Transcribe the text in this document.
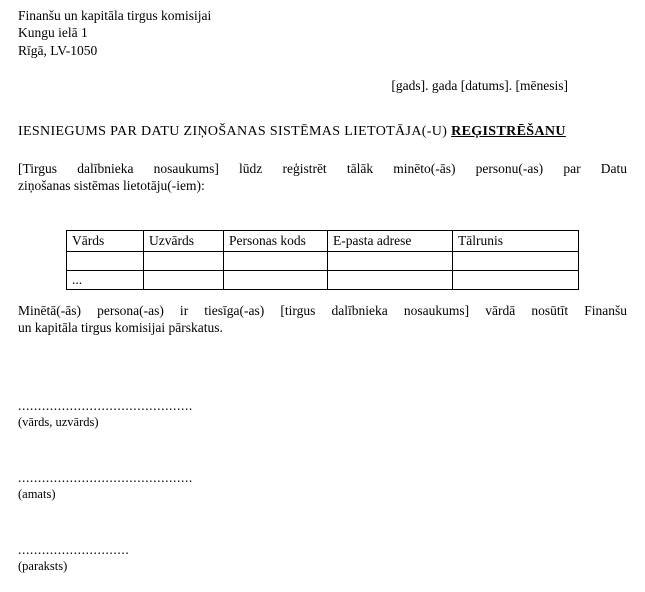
Finanšu un kapitāla tirgus komisijai
Kungu ielā 1
Rīgā, LV-1050
[gads]. gada [datums]. [mēnesis]
IESNIEGUMS PAR DATU ZIŅOŠANAS SISTĒMAS LIETOTĀJA(-U) REĢISTRĒŠANU
[Tirgus dalībnieka nosaukums] lūdz reģistrēt tālāk minēto(-ās) personu(-as) par Datu
ziņošanas sistēmas lietotāju(-iem):
Vārds	Uzvārds	Personas kods	E-pasta adrese	Tālrunis

...				
Minētā(-ās) persona(-as) ir tiesīga(-as) [tirgus dalībnieka nosaukums] vārdā nosūtīt Finanšu
un kapitāla tirgus komisijai pārskatus.
............................................
(vārds, uzvārds)
............................................
(amats)
............................
(paraksts)
